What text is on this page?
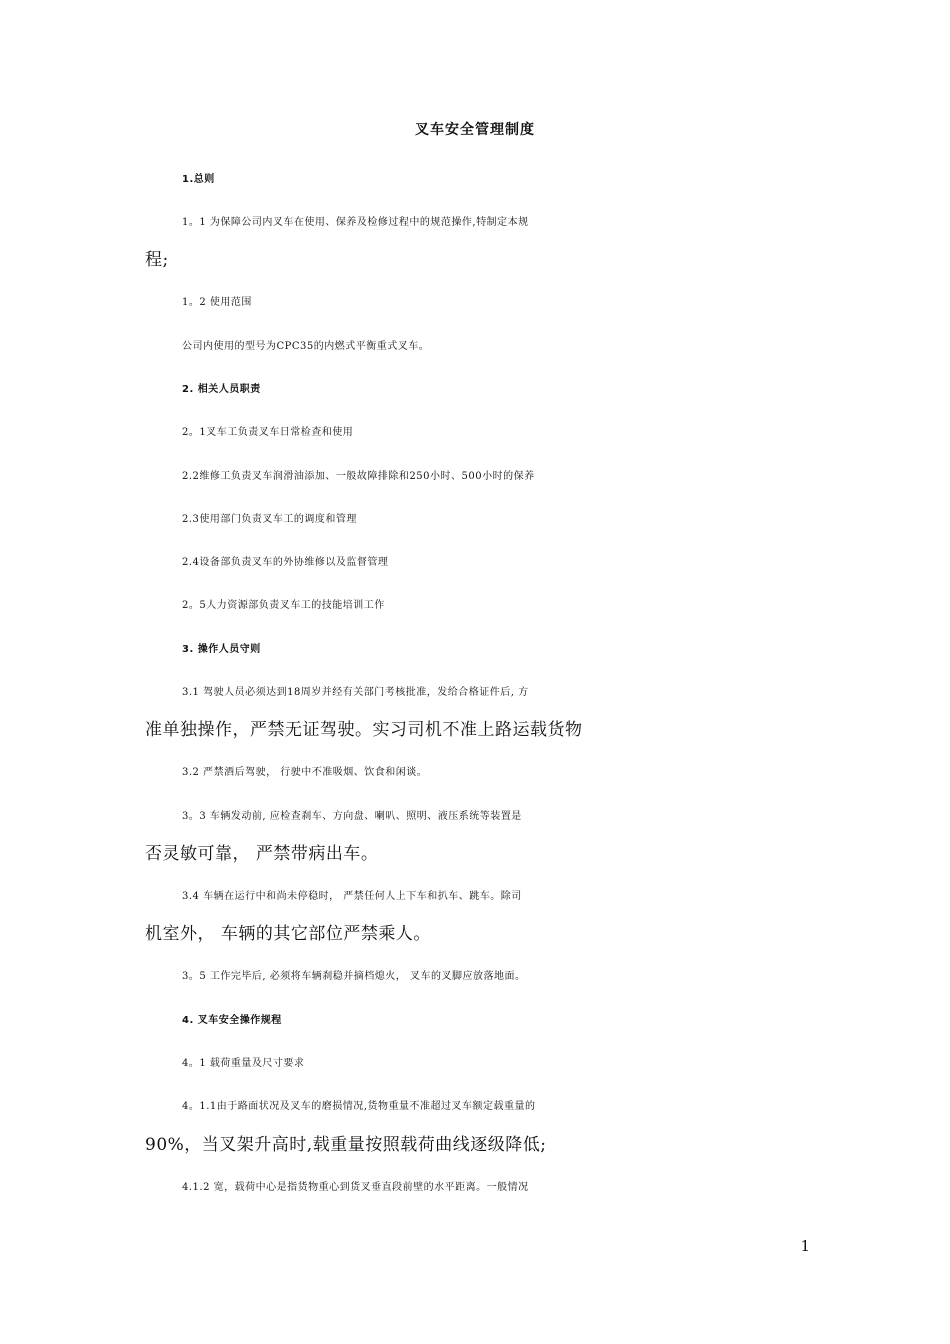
叉车安全管理制度
1.总则
1。1 为保障公司内叉车在使用、保养及检修过程中的规范操作,特制定本规
程;
1。2 使用范围
公司内使用的型号为CPC35的内燃式平衡重式叉车。
2. 相关人员职责
2。1叉车工负责叉车日常检查和使用
2.2维修工负责叉车润滑油添加、一般故障排除和250小时、500小时的保养
2.3使用部门负责叉车工的调度和管理
2.4设备部负责叉车的外协维修以及监督管理
2。5人力资源部负责叉车工的技能培训工作
3. 操作人员守则
3.1 驾驶人员必须达到18周岁并经有关部门考核批准，发给合格证件后, 方
准单独操作，严禁无证驾驶。实习司机不准上路运载货物
3.2 严禁酒后驾驶， 行驶中不准吸烟、饮食和闲谈。
3。3 车辆发动前, 应检查刹车、方向盘、喇叭、照明、液压系统等装置是
否灵敏可靠， 严禁带病出车。
3.4 车辆在运行中和尚未停稳时， 严禁任何人上下车和扒车、跳车。除司
机室外， 车辆的其它部位严禁乘人。
3。5 工作完毕后, 必须将车辆刹稳并摘档熄火， 叉车的叉脚应放落地面。
4. 叉车安全操作规程
4。1 载荷重量及尺寸要求
4。1.1由于路面状况及叉车的磨损情况,货物重量不准超过叉车额定载重量的
90%，当叉架升高时,载重量按照载荷曲线逐级降低;
4.1.2 宽，载荷中心是指货物重心到货叉垂直段前壁的水平距离。一般情况
1
